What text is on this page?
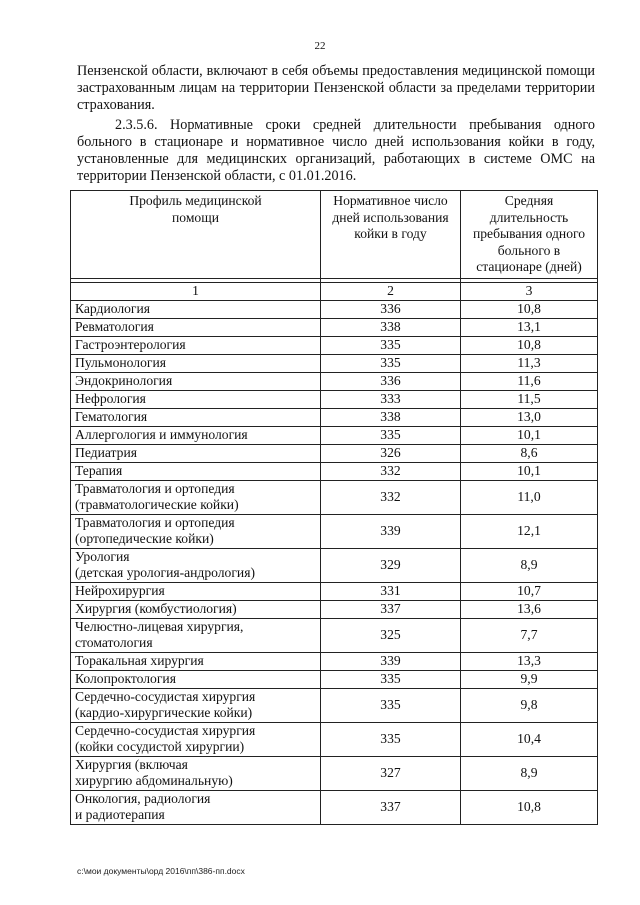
22
Пензенской области, включают в себя объемы предоставления медицинской помощи застрахованным лицам на территории Пензенской области за пределами территории страхования.
2.3.5.6. Нормативные сроки средней длительности пребывания одного больного в стационаре и нормативное число дней использования койки в году, установленные для медицинских организаций, работающих в системе ОМС на территории Пензенской области, с 01.01.2016.
Профиль медицинской помощи	Нормативное число дней использования койки в году	Средняя длительность пребывания одного больного в стационаре (дней)

1	2	3
Кардиология	336	10,8
Ревматология	338	13,1
Гастроэнтерология	335	10,8
Пульмонология	335	11,3
Эндокринология	336	11,6
Нефрология	333	11,5
Гематология	338	13,0
Аллергология и иммунология	335	10,1
Педиатрия	326	8,6
Терапия	332	10,1
Травматология и ортопедия
(травматологические койки)	332	11,0
Травматология и ортопедия
(ортопедические койки)	339	12,1
Урология
(детская урология-андрология)	329	8,9
Нейрохирургия	331	10,7
Хирургия (комбустиология)	337	13,6
Челюстно-лицевая хирургия,
стоматология	325	7,7
Торакальная хирургия	339	13,3
Колопроктология	335	9,9
Сердечно-сосудистая хирургия
(кардио-хирургические койки)	335	9,8
Сердечно-сосудистая хирургия
(койки сосудистой хирургии)	335	10,4
Хирургия (включая
хирургию абдоминальную)	327	8,9
Онкология, радиология
и радиотерапия	337	10,8
c:\мои документы\орд 2016\пп\386-пп.docx
